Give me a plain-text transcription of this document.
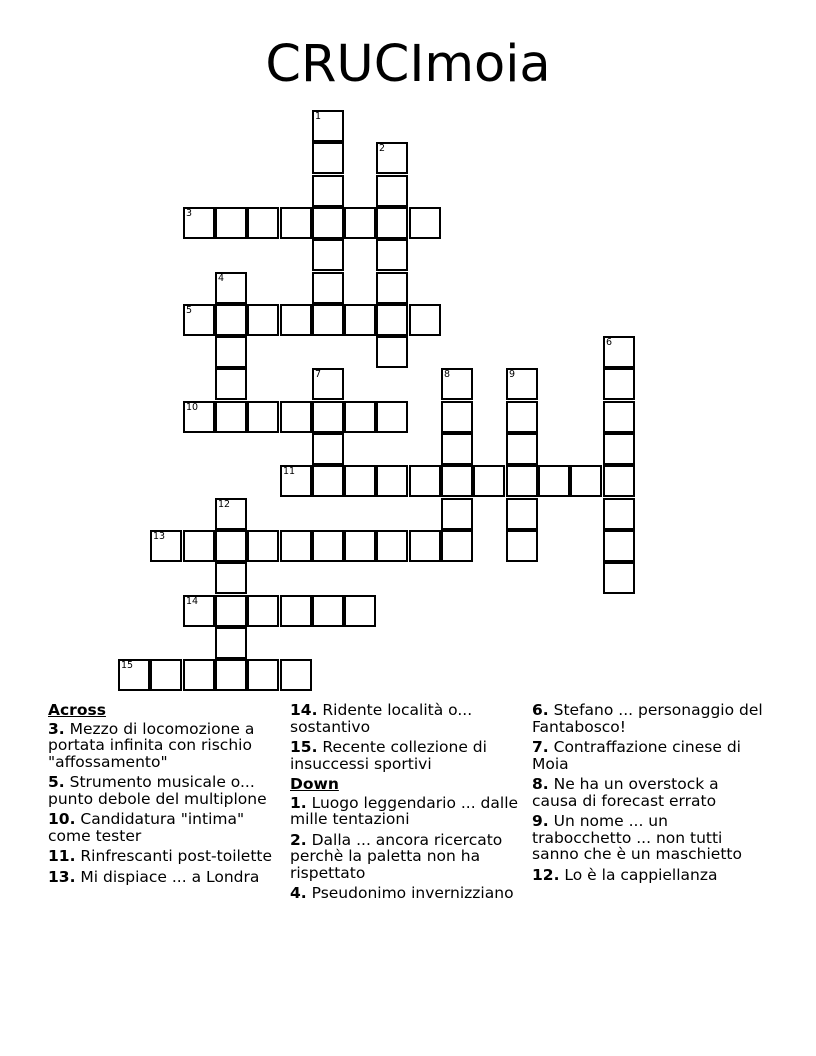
CRUCImoia
1
2
3
4
5
6
7	8	9
10
11
12
13
14
15
Across
3. Mezzo di locomozione a portata infinita con rischio "affossamento"
5. Strumento musicale o... punto debole del multiplone
10. Candidatura "intima" come tester
11. Rinfrescanti post-toilette
13. Mi dispiace ... a Londra
14. Ridente località o... sostantivo
15. Recente collezione di insuccessi sportivi
Down
1. Luogo leggendario ... dalle mille tentazioni
2. Dalla ... ancora ricercato perchè la paletta non ha rispettato
4. Pseudonimo invernizziano
6. Stefano ... personaggio del Fantabosco!
7. Contraffazione cinese di Moia
8. Ne ha un overstock a causa di forecast errato
9. Un nome ... un trabocchetto ... non tutti sanno che è un maschietto
12. Lo è la cappiellanza
